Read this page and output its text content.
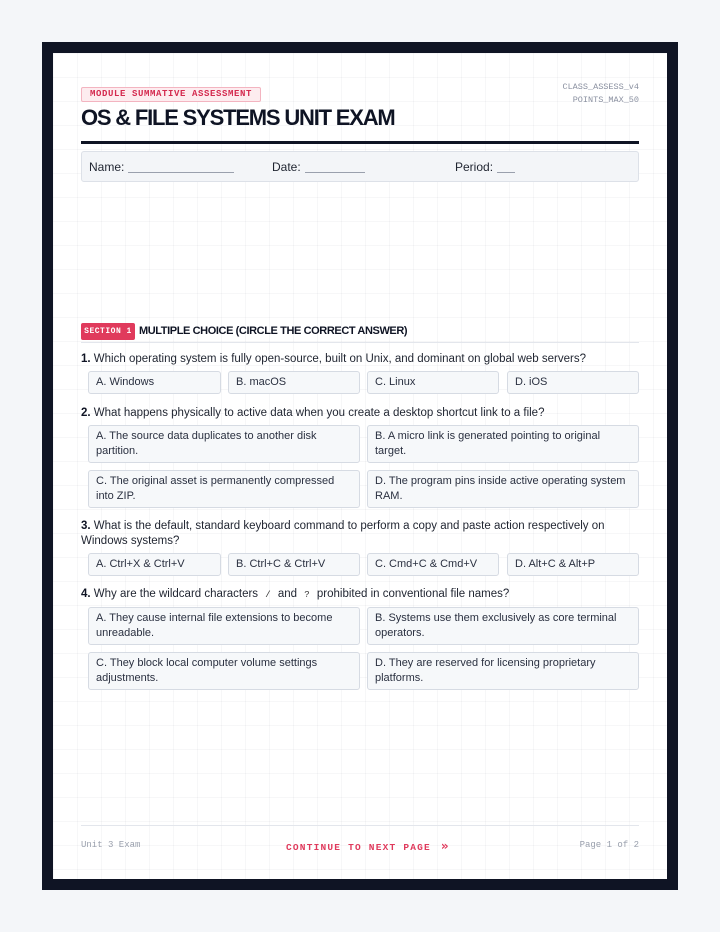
MODULE SUMMATIVE ASSESSMENT
CLASS_ASSESS_v4
POINTS_MAX_50
OS & FILE SYSTEMS UNIT EXAM
Name:	Date:	Period:
SECTION 1 MULTIPLE CHOICE (CIRCLE THE CORRECT ANSWER)
1. Which operating system is fully open-source, built on Unix, and dominant on global web servers?
A. Windows	B. macOS	C. Linux	D. iOS
2. What happens physically to active data when you create a desktop shortcut link to a file?
A. The source data duplicates to another disk partition.
B. A micro link is generated pointing to original target.
C. The original asset is permanently compressed into ZIP.
D. The program pins inside active operating system RAM.
3. What is the default, standard keyboard command to perform a copy and paste action respectively on Windows systems?
A. Ctrl+X & Ctrl+V	B. Ctrl+C & Ctrl+V	C. Cmd+C & Cmd+V	D. Alt+C & Alt+P
4. Why are the wildcard characters / and ? prohibited in conventional file names?
A. They cause internal file extensions to become unreadable.
B. Systems use them exclusively as core terminal operators.
C. They block local computer volume settings adjustments.
D. They are reserved for licensing proprietary platforms.
Unit 3 Exam	CONTINUE TO NEXT PAGE »	Page 1 of 2
